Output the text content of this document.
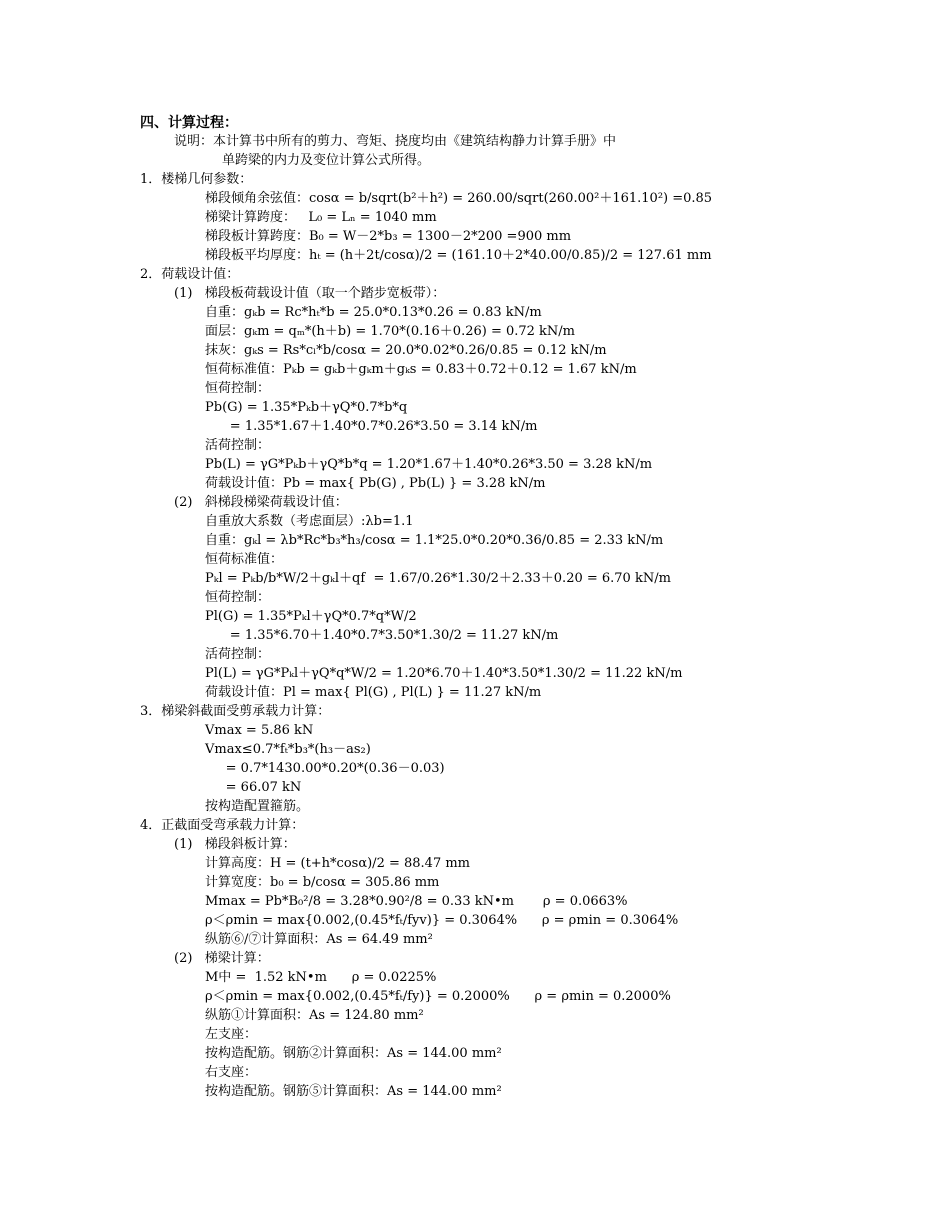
四、计算过程：
说明：本计算书中所有的剪力、弯矩、挠度均由《建筑结构静力计算手册》中
单跨梁的内力及变位计算公式所得。
1．楼梯几何参数：
梯段倾角余弦值：cosα = b/sqrt(b²＋h²) = 260.00/sqrt(260.00²＋161.10²) =0.85
梯梁计算跨度：   L₀ = Lₙ = 1040 mm
梯段板计算跨度：B₀ = W－2*b₃ = 1300－2*200 =900 mm
梯段板平均厚度：hₜ = (h＋2t/cosα)/2 = (161.10＋2*40.00/0.85)/2 = 127.61 mm
2．荷载设计值：
(1)   梯段板荷载设计值（取一个踏步宽板带）：
自重：gₖb = Rc*hₜ*b = 25.0*0.13*0.26 = 0.83 kN/m
面层：gₖm = qₘ*(h＋b) = 1.70*(0.16＋0.26) = 0.72 kN/m
抹灰：gₖs = Rs*cₗ*b/cosα = 20.0*0.02*0.26/0.85 = 0.12 kN/m
恒荷标准值：Pₖb = gₖb＋gₖm＋gₖs = 0.83＋0.72＋0.12 = 1.67 kN/m
恒荷控制：
Pb(G) = 1.35*Pₖb＋γQ*0.7*b*q
= 1.35*1.67＋1.40*0.7*0.26*3.50 = 3.14 kN/m
活荷控制：
Pb(L) = γG*Pₖb＋γQ*b*q = 1.20*1.67＋1.40*0.26*3.50 = 3.28 kN/m
荷载设计值：Pb = max{ Pb(G) , Pb(L) } = 3.28 kN/m
(2)   斜梯段梯梁荷载设计值：
自重放大系数（考虑面层）:λb=1.1
自重：gₖl = λb*Rc*b₃*h₃/cosα = 1.1*25.0*0.20*0.36/0.85 = 2.33 kN/m
恒荷标准值：
Pₖl = Pₖb/b*W/2＋gₖl＋qf  = 1.67/0.26*1.30/2＋2.33＋0.20 = 6.70 kN/m
恒荷控制：
Pl(G) = 1.35*Pₖl＋γQ*0.7*q*W/2
= 1.35*6.70＋1.40*0.7*3.50*1.30/2 = 11.27 kN/m
活荷控制：
Pl(L) = γG*Pₖl＋γQ*q*W/2 = 1.20*6.70＋1.40*3.50*1.30/2 = 11.22 kN/m
荷载设计值：Pl = max{ Pl(G) , Pl(L) } = 11.27 kN/m
3．梯梁斜截面受剪承载力计算：
Vmax = 5.86 kN
Vmax≤0.7*fₜ*b₃*(h₃－as₂)
= 0.7*1430.00*0.20*(0.36－0.03)
= 66.07 kN
按构造配置箍筋。
4．正截面受弯承载力计算：
(1)   梯段斜板计算：
计算高度：H = (t+h*cosα)/2 = 88.47 mm
计算宽度：b₀ = b/cosα = 305.86 mm
Mmax = Pb*B₀²/8 = 3.28*0.90²/8 = 0.33 kN•m       ρ = 0.0663%
ρ＜ρmin = max{0.002,(0.45*fₜ/fyv)} = 0.3064%      ρ = ρmin = 0.3064%
纵筋⑥/⑦计算面积：As = 64.49 mm²
(2)   梯梁计算：
M中 =  1.52 kN•m      ρ = 0.0225%
ρ＜ρmin = max{0.002,(0.45*fₜ/fy)} = 0.2000%      ρ = ρmin = 0.2000%
纵筋①计算面积：As = 124.80 mm²
左支座：
按构造配筋。钢筋②计算面积：As = 144.00 mm²
右支座：
按构造配筋。钢筋⑤计算面积：As = 144.00 mm²
